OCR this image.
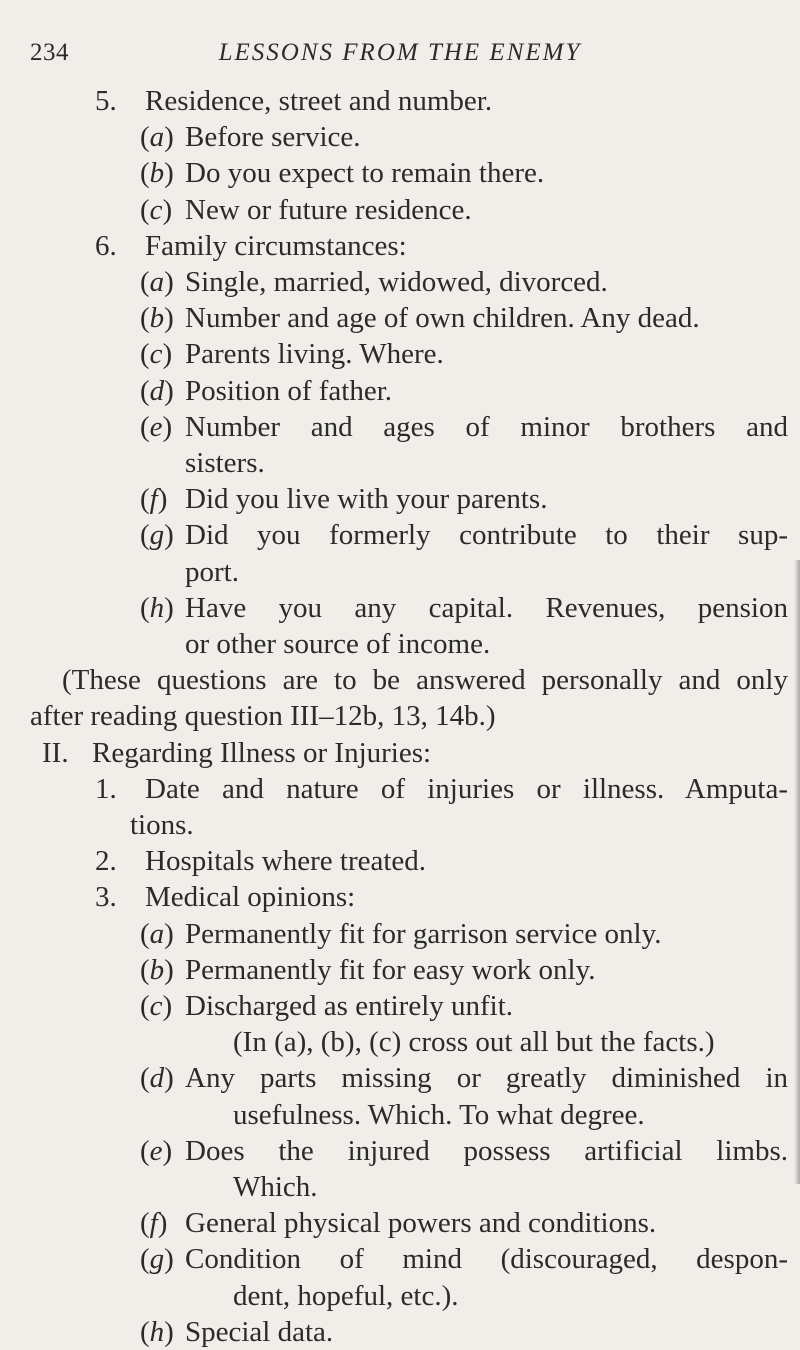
234	LESSONS FROM THE ENEMY
5. Residence, street and number.
(a) Before service.
(b) Do you expect to remain there.
(c) New or future residence.
6. Family circumstances:
(a) Single, married, widowed, divorced.
(b) Number and age of own children. Any dead.
(c) Parents living. Where.
(d) Position of father.
(e) Number and ages of minor brothers and
sisters.
(f) Did you live with your parents.
(g) Did you formerly contribute to their sup-
port.
(h) Have you any capital. Revenues, pension
or other source of income.
(These questions are to be answered personally and only
after reading question III–12b, 13, 14b.)
II. Regarding Illness or Injuries:
1. Date and nature of injuries or illness. Amputa-
tions.
2. Hospitals where treated.
3. Medical opinions:
(a) Permanently fit for garrison service only.
(b) Permanently fit for easy work only.
(c) Discharged as entirely unfit.
(In (a), (b), (c) cross out all but the facts.)
(d) Any parts missing or greatly diminished in
usefulness. Which. To what degree.
(e) Does the injured possess artificial limbs.
Which.
(f) General physical powers and conditions.
(g) Condition of mind (discouraged, despon-
dent, hopeful, etc.).
(h) Special data.
